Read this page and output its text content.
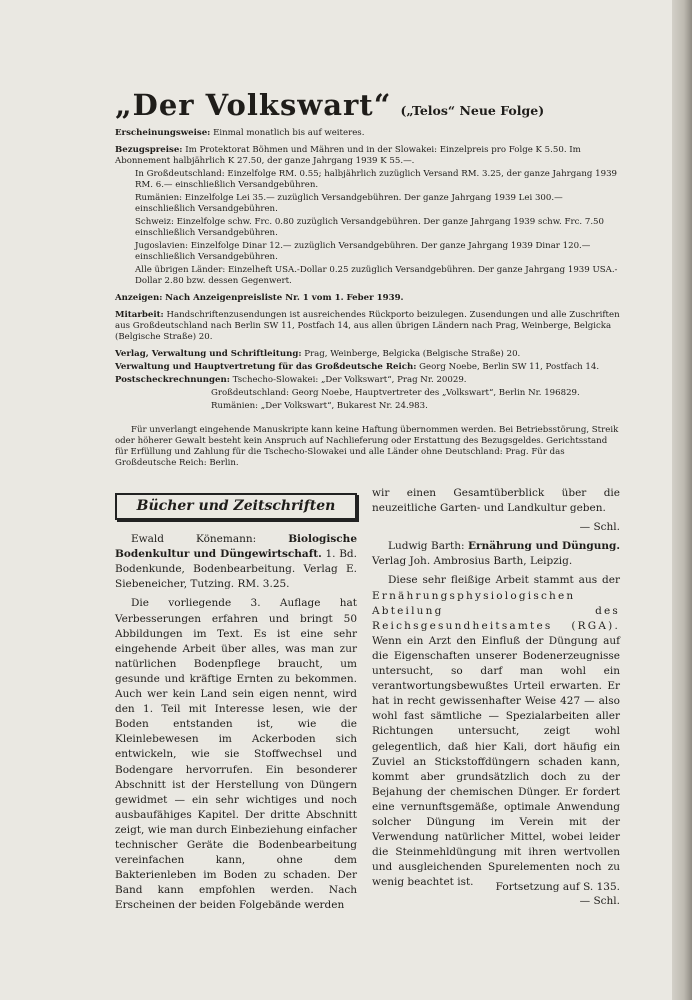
„Der Volkswart“ („Telos“ Neue Folge)
Erscheinungsweise: Einmal monatlich bis auf weiteres.
Bezugspreise: Im Protektorat Böhmen und Mähren und in der Slowakei: Einzelpreis pro Folge K 5.50. Im Abonnement halbjährlich K 27.50, der ganze Jahrgang 1939 K 55.—.
In Großdeutschland: Einzelfolge RM. 0.55; halbjährlich zuzüglich Versand RM. 3.25, der ganze Jahrgang 1939 RM. 6.— einschließlich Versandgebühren.
Rumänien: Einzelfolge Lei 35.— zuzüglich Versandgebühren. Der ganze Jahrgang 1939 Lei 300.— einschließlich Versandgebühren.
Schweiz: Einzelfolge schw. Frc. 0.80 zuzüglich Versandgebühren. Der ganze Jahrgang 1939 schw. Frc. 7.50 einschließlich Versandgebühren.
Jugoslavien: Einzelfolge Dinar 12.— zuzüglich Versandgebühren. Der ganze Jahrgang 1939 Dinar 120.— einschließlich Versandgebühren.
Alle übrigen Länder: Einzelheft USA.-Dollar 0.25 zuzüglich Versandgebühren. Der ganze Jahrgang 1939 USA.-Dollar 2.80 bzw. dessen Gegenwert.
Anzeigen: Nach Anzeigenpreisliste Nr. 1 vom 1. Feber 1939.
Mitarbeit: Handschriftenzusendungen ist ausreichendes Rückporto beizulegen. Zusendungen und alle Zuschriften aus Großdeutschland nach Berlin SW 11, Postfach 14, aus allen übrigen Ländern nach Prag, Weinberge, Belgicka (Belgische Straße) 20.
Verlag, Verwaltung und Schriftleitung: Prag, Weinberge, Belgicka (Belgische Straße) 20.
Verwaltung und Hauptvertretung für das Großdeutsche Reich: Georg Noebe, Berlin SW 11, Postfach 14.
Postscheckrechnungen: Tschecho-Slowakei: „Der Volkswart“, Prag Nr. 20029.
Großdeutschland: Georg Noebe, Hauptvertreter des „Volkswart“, Berlin Nr. 196829.
Rumänien: „Der Volkswart“, Bukarest Nr. 24.983.
Für unverlangt eingehende Manuskripte kann keine Haftung übernommen werden. Bei Betriebsstörung, Streik oder höherer Gewalt besteht kein Anspruch auf Nachlieferung oder Erstattung des Bezugsgeldes. Gerichtsstand für Erfüllung und Zahlung für die Tschecho-Slowakei und alle Länder ohne Deutschland: Prag. Für das Großdeutsche Reich: Berlin.
Bücher und Zeitschriften

Ewald Könemann:	Biologische Bodenkultur und Düngewirtschaft. 1. Bd. Bodenkunde, Bodenbearbeitung. Verlag E. Siebeneicher, Tutzing. RM. 3.25.

Die vorliegende 3. Auflage hat Verbesserungen erfahren und bringt 50 Abbildungen im Text. Es ist eine sehr eingehende Arbeit über alles, was man zur natürlichen Bodenpflege braucht, um gesunde und kräftige Ernten zu bekommen. Auch wer kein Land sein eigen nennt, wird den 1. Teil mit Interesse lesen, wie der Boden entstanden ist, wie die Kleinlebewesen im Ackerboden sich entwickeln, wie sie Stoffwechsel und Bodengare hervorrufen. Ein besonderer Abschnitt ist der Herstellung von Düngern gewidmet — ein sehr wichtiges und noch ausbaufähiges Kapitel. Der dritte Abschnitt zeigt, wie man durch Einbeziehung einfacher technischer Geräte die Bodenbearbeitung vereinfachen kann, ohne dem Bakterienleben im Boden zu schaden. Der Band kann empfohlen werden. Nach Erscheinen der beiden Folgebände werden

wir einen Gesamtüberblick über die neuzeitliche Garten- und Landkultur geben.

— Schl.

Ludwig Barth: Ernährung und Düngung. Verlag Joh. Ambrosius Barth, Leipzig.

Diese sehr fleißige Arbeit stammt aus der Ernährungsphysiologischen Abteilung des Reichsgesundheitsamtes (RGA). Wenn ein Arzt den Einfluß der Düngung auf die Eigenschaften unserer Bodenerzeugnisse untersucht, so darf man wohl ein verantwortungsbewußtes Urteil erwarten. Er hat in recht gewissenhafter Weise 427 — also wohl fast sämtliche — Spezialarbeiten aller Richtungen untersucht, zeigt wohl gelegentlich, daß hier Kali, dort häufig ein Zuviel an Stickstoffdüngern schaden kann, kommt aber grundsätzlich doch zu der Bejahung der chemischen Dünger. Er fordert eine vernunftsgemäße, optimale Anwendung solcher Düngung im Verein mit der Verwendung natürlicher Mittel, wobei leider die Steinmehldüngung mit ihren wertvollen und ausgleichenden Spurelementen noch zu wenig beachtet ist.

— Schl.

Fortsetzung auf S. 135.
